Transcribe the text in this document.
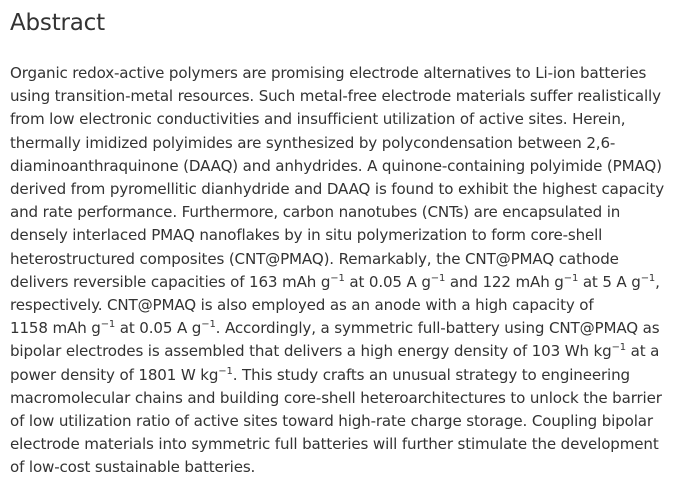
Abstract
Organic redox-active polymers are promising electrode alternatives to Li-ion batteries
using transition-metal resources. Such metal-free electrode materials suffer realistically
from low electronic conductivities and insufficient utilization of active sites. Herein,
thermally imidized polyimides are synthesized by polycondensation between 2,6-
diaminoanthraquinone (DAAQ) and anhydrides. A quinone-containing polyimide (PMAQ)
derived from pyromellitic dianhydride and DAAQ is found to exhibit the highest capacity
and rate performance. Furthermore, carbon nanotubes (CNTs) are encapsulated in
densely interlaced PMAQ nanoflakes by in situ polymerization to form core-shell
heterostructured composites (CNT@PMAQ). Remarkably, the CNT@PMAQ cathode
delivers reversible capacities of 163 mAh $g^{-1}$ at 0.05 A $g^{-1}$ and 122 mAh $g^{-1}$ at 5 A $g^{-1}$,
respectively. CNT@PMAQ is also employed as an anode with a high capacity of
1158 mAh $g^{-1}$ at 0.05 A $g^{-1}$. Accordingly, a symmetric full-battery using CNT@PMAQ as
bipolar electrodes is assembled that delivers a high energy density of 103 Wh $kg^{-1}$ at a
power density of 1801 W $kg^{-1}$. This study crafts an unusual strategy to engineering
macromolecular chains and building core-shell heteroarchitectures to unlock the barrier
of low utilization ratio of active sites toward high-rate charge storage. Coupling bipolar
electrode materials into symmetric full batteries will further stimulate the development
of low-cost sustainable batteries.
